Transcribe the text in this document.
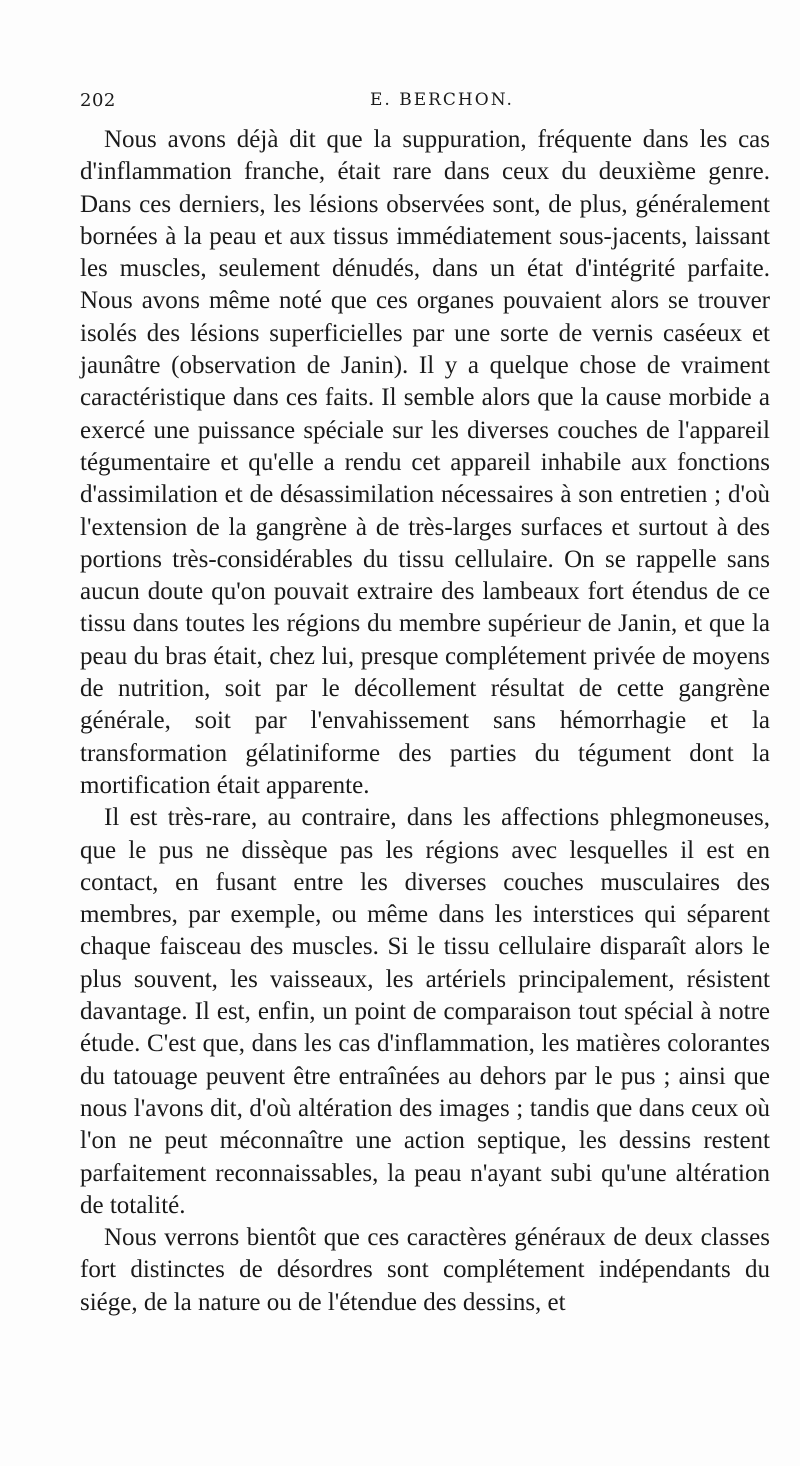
202	E. BERCHON.

Nous avons déjà dit que la suppuration, fréquente dans les cas d'inflammation franche, était rare dans ceux du deuxième genre. Dans ces derniers, les lésions observées sont, de plus, généralement bornées à la peau et aux tissus immédiatement sous-jacents, laissant les muscles, seulement dénudés, dans un état d'intégrité parfaite. Nous avons même noté que ces organes pouvaient alors se trouver isolés des lésions superficielles par une sorte de vernis caséeux et jaunâtre (observation de Janin). Il y a quelque chose de vraiment caractéristique dans ces faits. Il semble alors que la cause morbide a exercé une puissance spéciale sur les diverses couches de l'appareil tégumentaire et qu'elle a rendu cet appareil inhabile aux fonctions d'assimilation et de désassimilation nécessaires à son entretien ; d'où l'extension de la gangrène à de très-larges surfaces et surtout à des portions très-considérables du tissu cellulaire. On se rappelle sans aucun doute qu'on pouvait extraire des lambeaux fort étendus de ce tissu dans toutes les régions du membre supérieur de Janin, et que la peau du bras était, chez lui, presque complétement privée de moyens de nutrition, soit par le décollement résultat de cette gangrène générale, soit par l'envahissement sans hémorrhagie et la transformation gélatiniforme des parties du tégument dont la mortification était apparente.

Il est très-rare, au contraire, dans les affections phlegmoneuses, que le pus ne dissèque pas les régions avec lesquelles il est en contact, en fusant entre les diverses couches musculaires des membres, par exemple, ou même dans les interstices qui séparent chaque faisceau des muscles. Si le tissu cellulaire disparaît alors le plus souvent, les vaisseaux, les artériels principalement, résistent davantage. Il est, enfin, un point de comparaison tout spécial à notre étude. C'est que, dans les cas d'inflammation, les matières colorantes du tatouage peuvent être entraînées au dehors par le pus ; ainsi que nous l'avons dit, d'où altération des images ; tandis que dans ceux où l'on ne peut méconnaître une action septique, les dessins restent parfaitement reconnaissables, la peau n'ayant subi qu'une altération de totalité.

Nous verrons bientôt que ces caractères généraux de deux classes fort distinctes de désordres sont complétement indépendants du siége, de la nature ou de l'étendue des dessins, et
